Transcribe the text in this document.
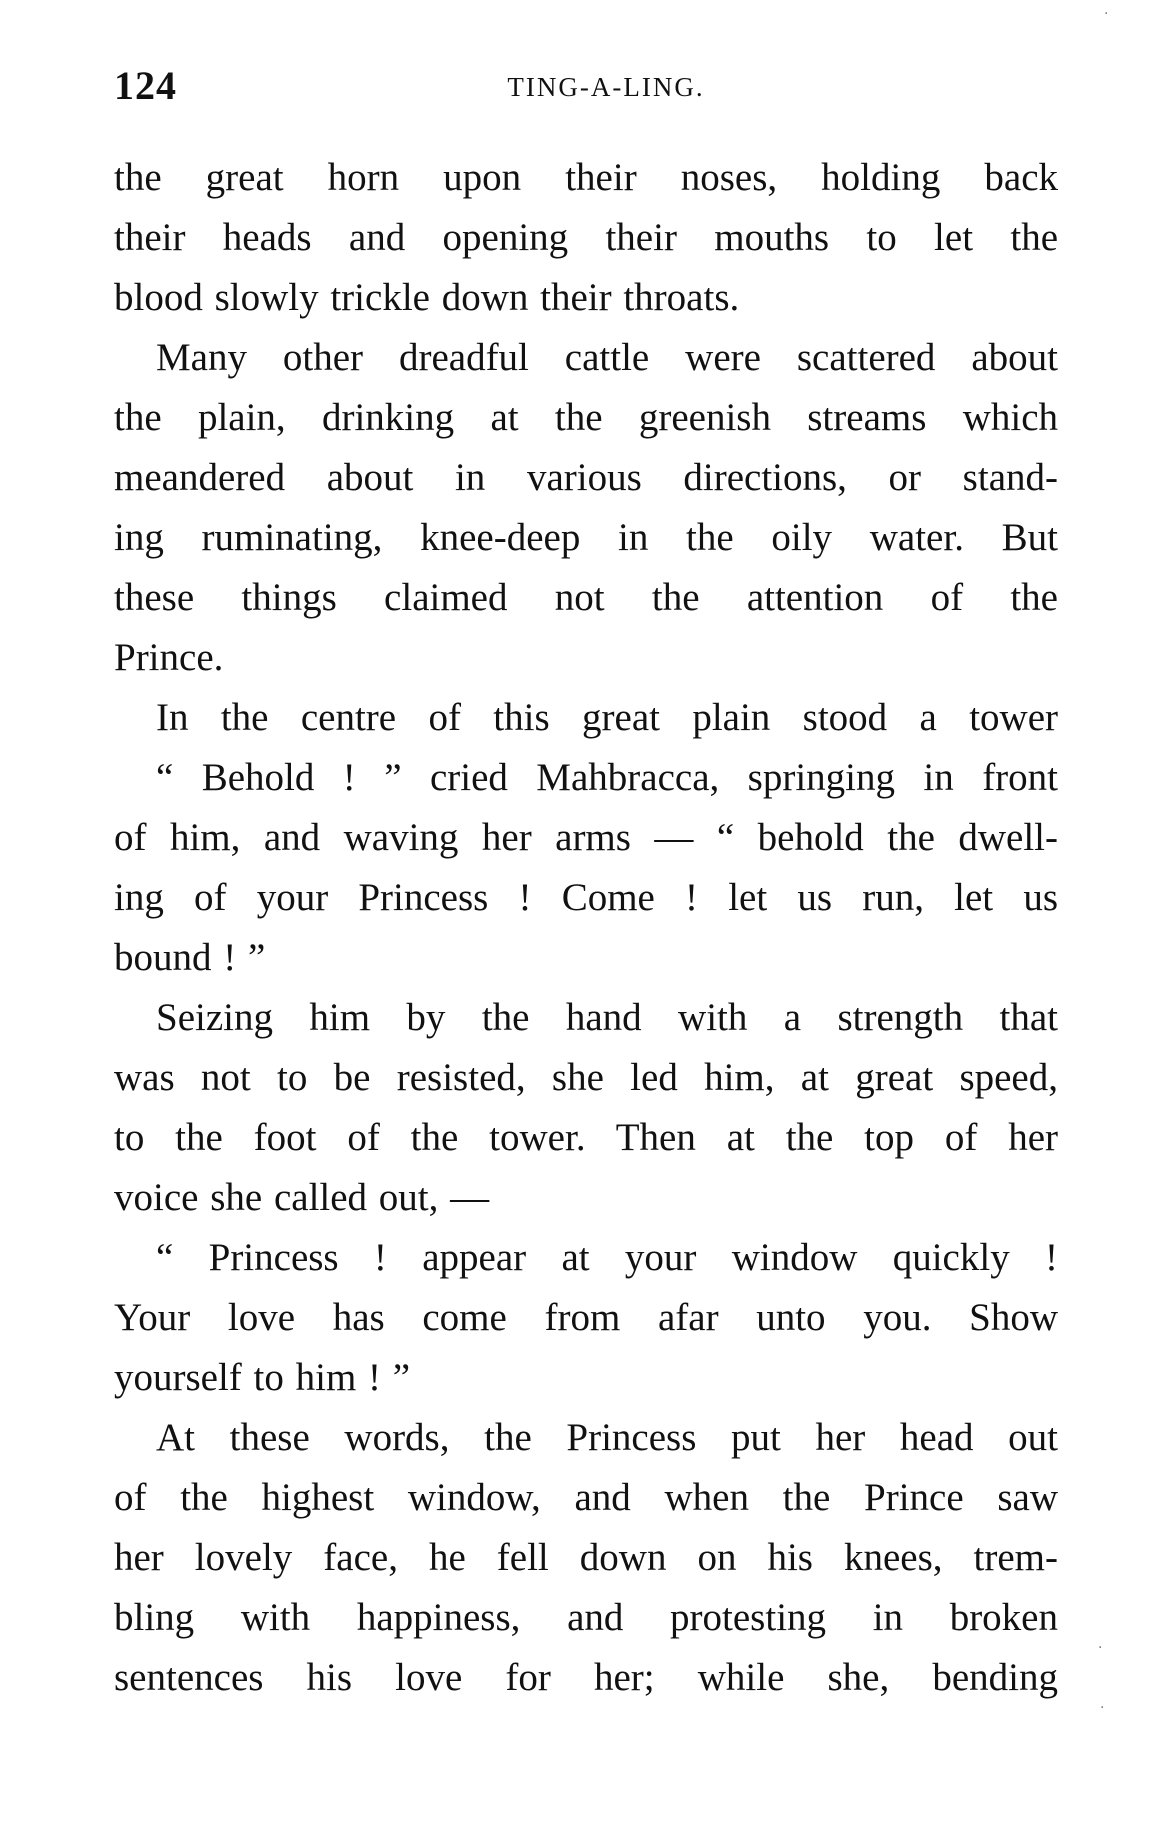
124	TING-A-LING.
the great horn upon their noses, holding back
their heads and opening their mouths to let the
blood slowly trickle down their throats.
Many other dreadful cattle were scattered about
the plain, drinking at the greenish streams which
meandered about in various directions, or stand-
ing ruminating, knee-deep in the oily water. But
these things claimed not the attention of the
Prince.
In the centre of this great plain stood a tower
“ Behold ! ” cried Mahbracca, springing in front
of him, and waving her arms — “ behold the dwell-
ing of your Princess ! Come ! let us run, let us
bound ! ”
Seizing him by the hand with a strength that
was not to be resisted, she led him, at great speed,
to the foot of the tower. Then at the top of her
voice she called out, —
“ Princess ! appear at your window quickly !
Your love has come from afar unto you. Show
yourself to him ! ”
At these words, the Princess put her head out
of the highest window, and when the Prince saw
her lovely face, he fell down on his knees, trem-
bling with happiness, and protesting in broken
sentences his love for her; while she, bending
·
·
·
